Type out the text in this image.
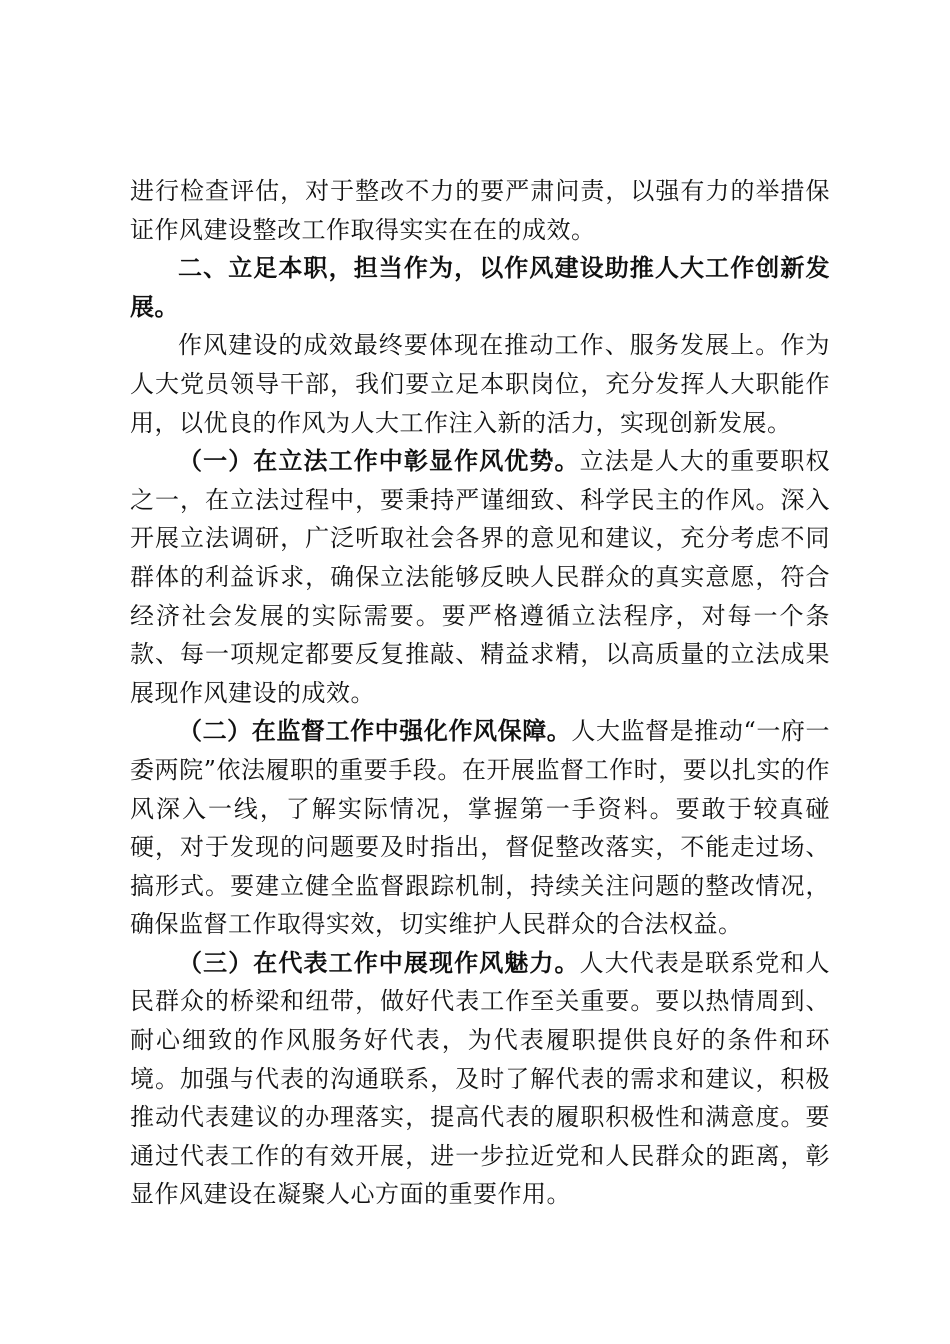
进行检查评估，对于整改不力的要严肃问责，以强有力的举措保证作风建设整改工作取得实实在在的成效。

二、立足本职，担当作为，以作风建设助推人大工作创新发展。

作风建设的成效最终要体现在推动工作、服务发展上。作为人大党员领导干部，我们要立足本职岗位，充分发挥人大职能作用，以优良的作风为人大工作注入新的活力，实现创新发展。

（一）在立法工作中彰显作风优势。立法是人大的重要职权之一，在立法过程中，要秉持严谨细致、科学民主的作风。深入开展立法调研，广泛听取社会各界的意见和建议，充分考虑不同群体的利益诉求，确保立法能够反映人民群众的真实意愿，符合经济社会发展的实际需要。要严格遵循立法程序，对每一个条款、每一项规定都要反复推敲、精益求精，以高质量的立法成果展现作风建设的成效。

（二）在监督工作中强化作风保障。人大监督是推动“一府一委两院”依法履职的重要手段。在开展监督工作时，要以扎实的作风深入一线，了解实际情况，掌握第一手资料。要敢于较真碰硬，对于发现的问题要及时指出，督促整改落实，不能走过场、搞形式。要建立健全监督跟踪机制，持续关注问题的整改情况，确保监督工作取得实效，切实维护人民群众的合法权益。

（三）在代表工作中展现作风魅力。人大代表是联系党和人民群众的桥梁和纽带，做好代表工作至关重要。要以热情周到、耐心细致的作风服务好代表，为代表履职提供良好的条件和环境。加强与代表的沟通联系，及时了解代表的需求和建议，积极推动代表建议的办理落实，提高代表的履职积极性和满意度。要通过代表工作的有效开展，进一步拉近党和人民群众的距离，彰显作风建设在凝聚人心方面的重要作用。
